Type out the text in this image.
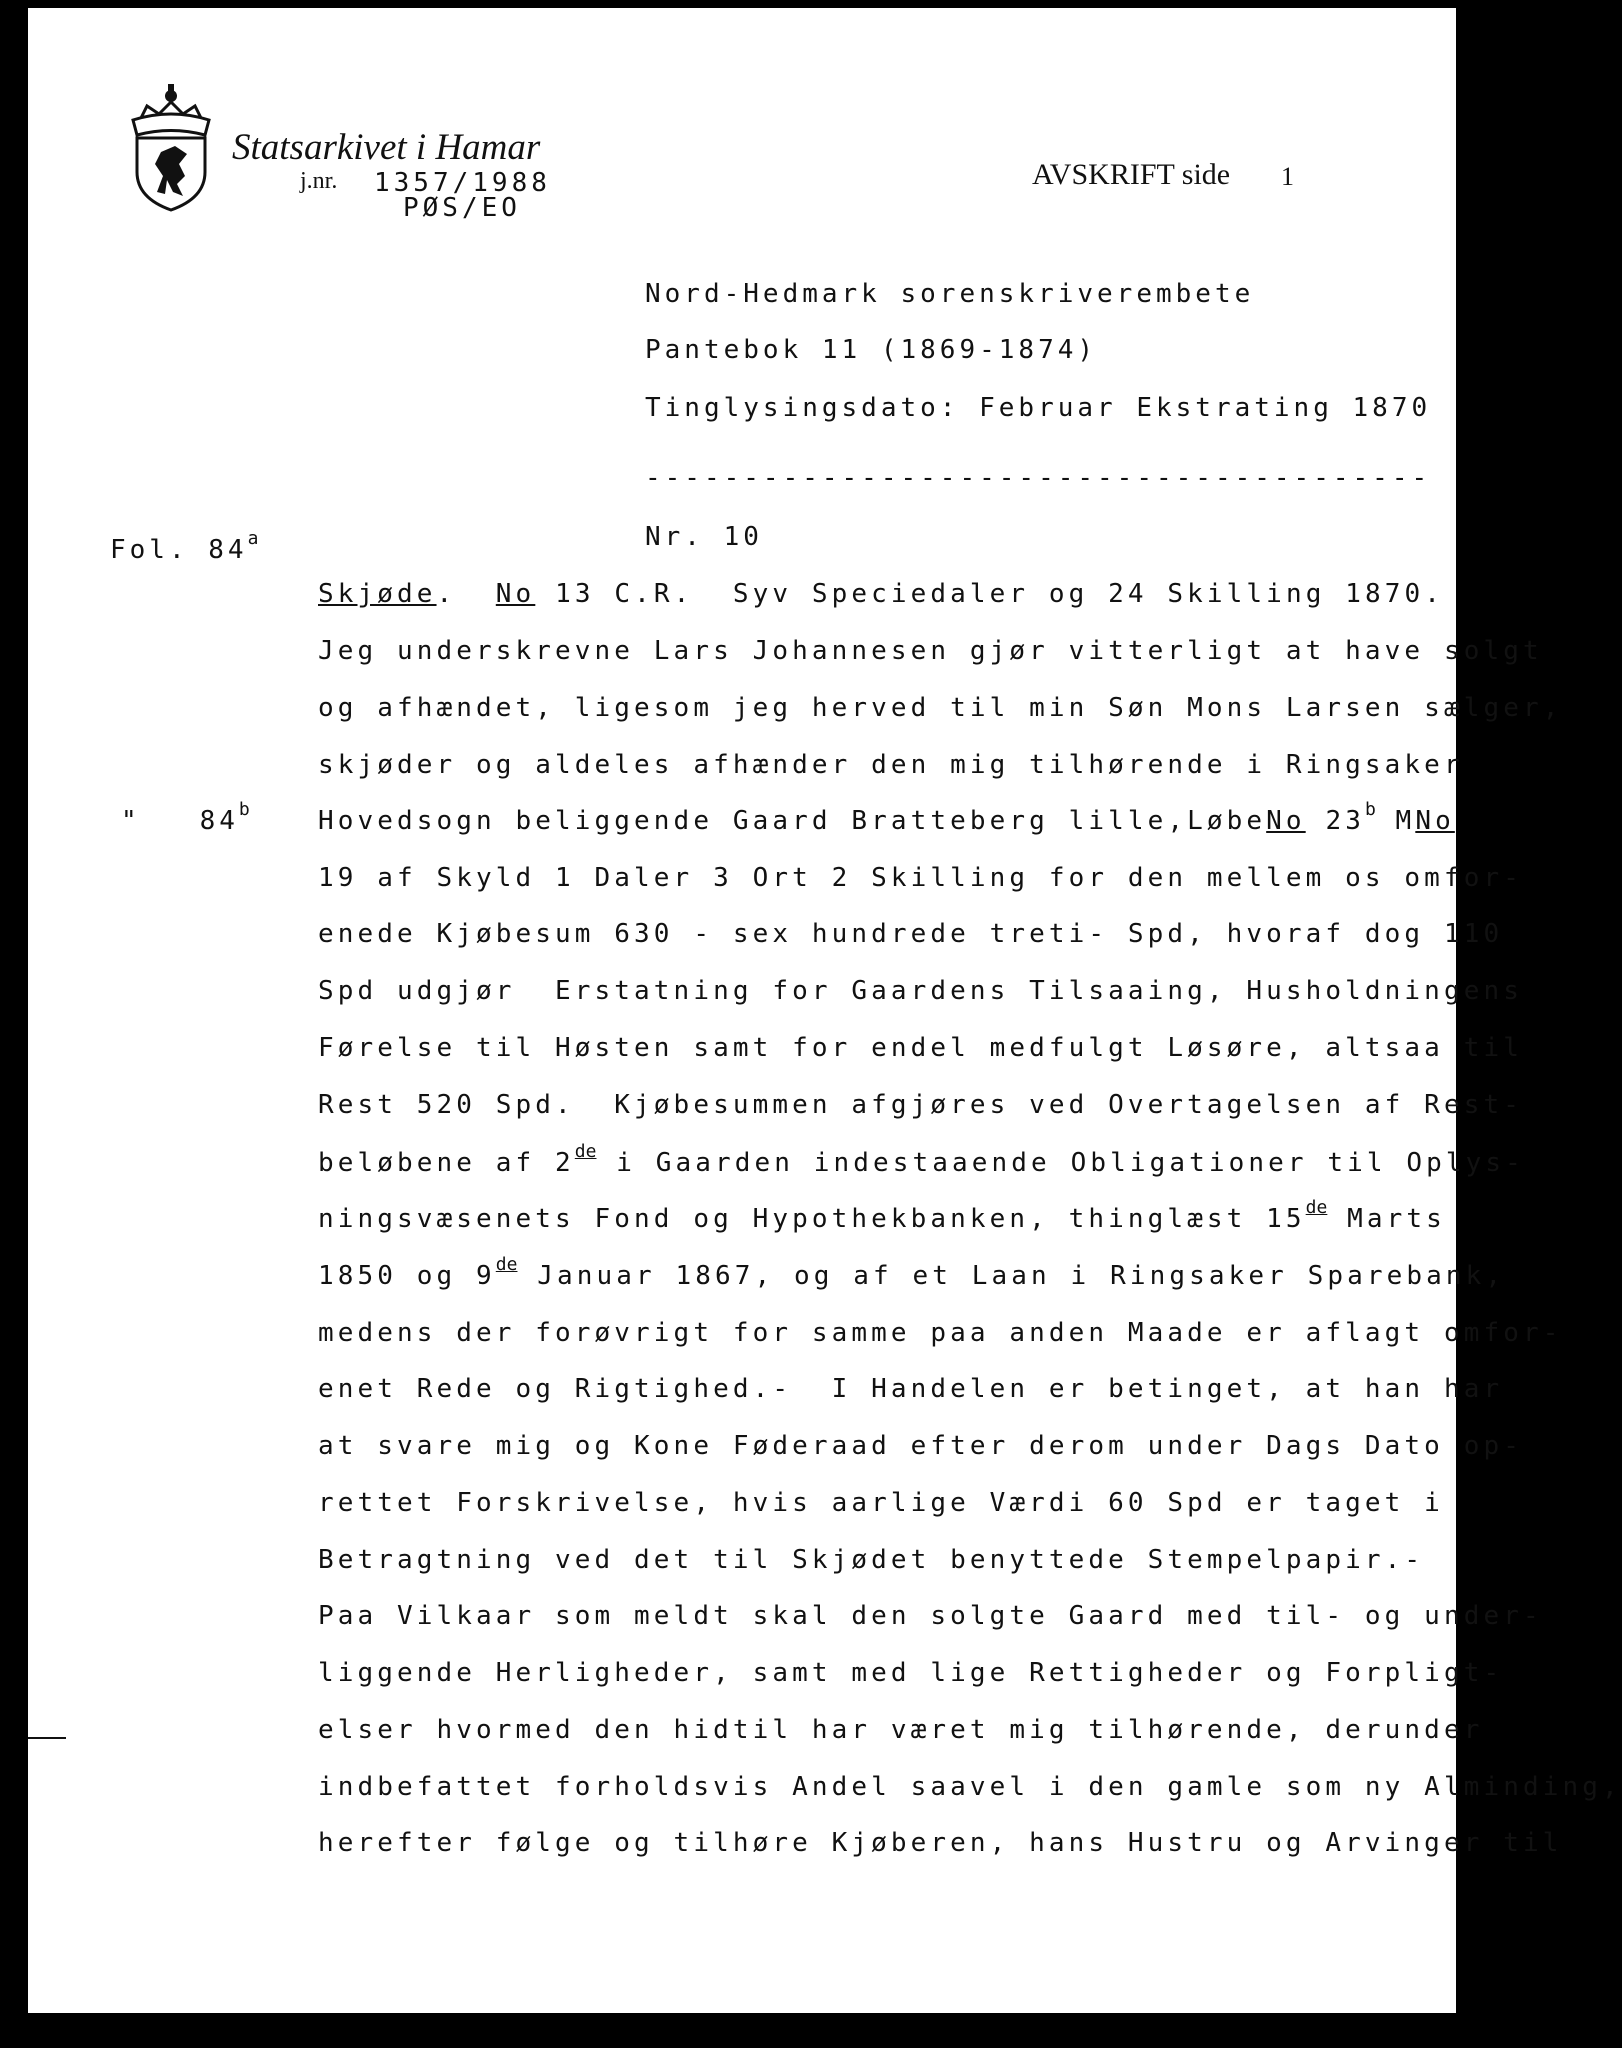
Statsarkivet i Hamar
j.nr. 1357/1988
PØS/EO
AVSKRIFT side 1
Nord-Hedmark sorenskriverembete
Pantebok 11 (1869-1874)
Tinglysingsdato: Februar Ekstrating 1870
----------------------------------------
Nr. 10
Fol. 84$^a$
"   84$^b$
Skjøde.  No 13 C.R.  Syv Speciedaler og 24 Skilling 1870.
Jeg underskrevne Lars Johannesen gjør vitterligt at have solgt
og afhændet, ligesom jeg herved til min Søn Mons Larsen sælger,
skjøder og aldeles afhænder den mig tilhørende i Ringsaker
Hovedsogn beliggende Gaard Bratteberg lille,LøbeNo 23$^b$ MNo
19 af Skyld 1 Daler 3 Ort 2 Skilling for den mellem os omfor-
enede Kjøbesum 630 - sex hundrede treti- Spd, hvoraf dog 110
Spd udgjør  Erstatning for Gaardens Tilsaaing, Husholdningens
Førelse til Høsten samt for endel medfulgt Løsøre, altsaa til
Rest 520 Spd.  Kjøbesummen afgjøres ved Overtagelsen af Rest-
beløbene af 2de i Gaarden indestaaende Obligationer til Oplys-
ningsvæsenets Fond og Hypothekbanken, thinglæst 15de Marts
1850 og 9de Januar 1867, og af et Laan i Ringsaker Sparebank,
medens der forøvrigt for samme paa anden Maade er aflagt omfor-
enet Rede og Rigtighed.-  I Handelen er betinget, at han har
at svare mig og Kone Føderaad efter derom under Dags Dato op-
rettet Forskrivelse, hvis aarlige Værdi 60 Spd er taget i
Betragtning ved det til Skjødet benyttede Stempelpapir.-
Paa Vilkaar som meldt skal den solgte Gaard med til- og under-
liggende Herligheder, samt med lige Rettigheder og Forpligt-
elser hvormed den hidtil har været mig tilhørende, derunder
indbefattet forholdsvis Andel saavel i den gamle som ny Alminding,
herefter følge og tilhøre Kjøberen, hans Hustru og Arvinger til
